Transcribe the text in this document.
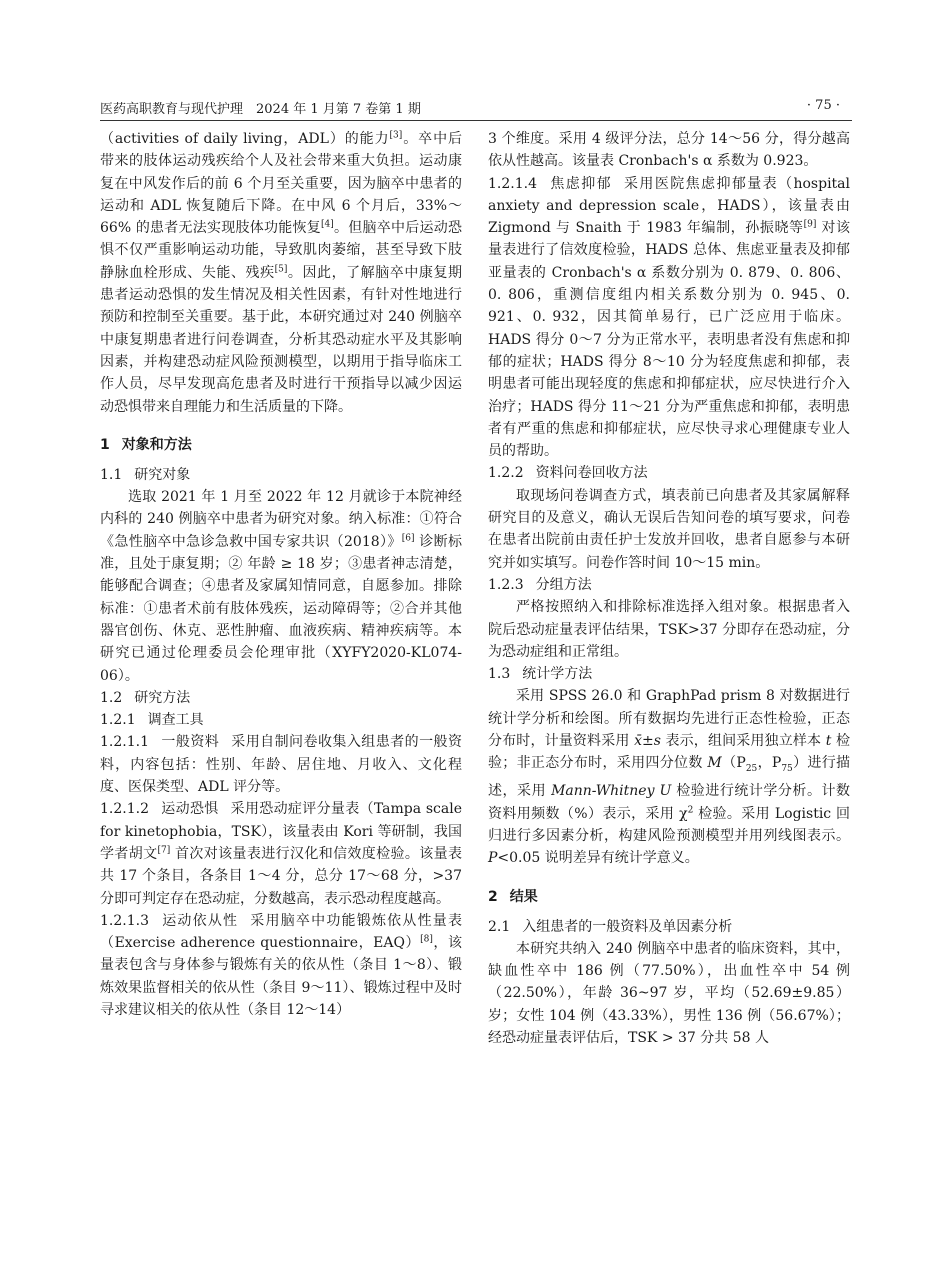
医药高职教育与现代护理　2024 年 1 月第 7 卷第 1 期	· 75 ·

（activities of daily living，ADL）的能力[3]。卒中后带来的肢体运动残疾给个人及社会带来重大负担。运动康复在中风发作后的前 6 个月至关重要，因为脑卒中患者的运动和 ADL 恢复随后下降。在中风 6 个月后，33%～66% 的患者无法实现肢体功能恢复[4]。但脑卒中后运动恐惧不仅严重影响运动功能，导致肌肉萎缩，甚至导致下肢静脉血栓形成、失能、残疾[5]。因此，了解脑卒中康复期患者运动恐惧的发生情况及相关性因素，有针对性地进行预防和控制至关重要。基于此，本研究通过对 240 例脑卒中康复期患者进行问卷调查，分析其恐动症水平及其影响因素，并构建恐动症风险预测模型，以期用于指导临床工作人员，尽早发现高危患者及时进行干预指导以减少因运动恐惧带来自理能力和生活质量的下降。

1 对象和方法
1.1 研究对象

选取 2021 年 1 月至 2022 年 12 月就诊于本院神经内科的 240 例脑卒中患者为研究对象。纳入标准：①符合《急性脑卒中急诊急救中国专家共识（2018）》[6] 诊断标准，且处于康复期；② 年龄 ≥ 18 岁；③患者神志清楚，能够配合调查；④患者及家属知情同意，自愿参加。排除标准：①患者术前有肢体残疾，运动障碍等；②合并其他器官创伤、休克、恶性肿瘤、血液疾病、精神疾病等。本研究已通过伦理委员会伦理审批（XYFY2020-KL074-06）。

1.2 研究方法
1.2.1 调查工具

1.2.1.1 一般资料 采用自制问卷收集入组患者的一般资料，内容包括：性别、年龄、居住地、月收入、文化程度、医保类型、ADL 评分等。

1.2.1.2 运动恐惧 采用恐动症评分量表（Tampa scale for kinetophobia，TSK），该量表由 Kori 等研制，我国学者胡文[7] 首次对该量表进行汉化和信效度检验。该量表共 17 个条目，各条目 1～4 分，总分 17～68 分，>37 分即可判定存在恐动症，分数越高，表示恐动程度越高。

1.2.1.3 运动依从性 采用脑卒中功能锻炼依从性量表（Exercise adherence questionnaire，EAQ）[8]，该量表包含与身体参与锻炼有关的依从性（条目 1～8）、锻炼效果监督相关的依从性（条目 9～11）、锻炼过程中及时寻求建议相关的依从性（条目 12～14）

3 个维度。采用 4 级评分法，总分 14～56 分，得分越高依从性越高。该量表 Cronbach's α 系数为 0.923。

1.2.1.4 焦虑抑郁 采用医院焦虑抑郁量表（hospital anxiety and depression scale，HADS），该量表由 Zigmond 与 Snaith 于 1983 年编制，孙振晓等[9] 对该量表进行了信效度检验，HADS 总体、焦虑亚量表及抑郁亚量表的 Cronbach's α 系数分别为 0. 879、0. 806、0. 806，重测信度组内相关系数分别为 0. 945、0. 921、0. 932，因其简单易行，已广泛应用于临床。HADS 得分 0～7 分为正常水平，表明患者没有焦虑和抑郁的症状；HADS 得分 8～10 分为轻度焦虑和抑郁，表明患者可能出现轻度的焦虑和抑郁症状，应尽快进行介入治疗；HADS 得分 11～21 分为严重焦虑和抑郁，表明患者有严重的焦虑和抑郁症状，应尽快寻求心理健康专业人员的帮助。

1.2.2 资料问卷回收方法

取现场问卷调查方式，填表前已向患者及其家属解释研究目的及意义，确认无误后告知问卷的填写要求，问卷在患者出院前由责任护士发放并回收，患者自愿参与本研究并如实填写。问卷作答时间 10～15 min。

1.2.3 分组方法

严格按照纳入和排除标准选择入组对象。根据患者入院后恐动症量表评估结果，TSK>37 分即存在恐动症，分为恐动症组和正常组。

1.3 统计学方法

采用 SPSS 26.0 和 GraphPad prism 8 对数据进行统计学分析和绘图。所有数据均先进行正态性检验，正态分布时，计量资料采用 x̄±s 表示，组间采用独立样本 t 检验；非正态分布时，采用四分位数 $M(P_{25}$，$P_{75}$）进行描述，采用 Mann-Whitney U 检验进行统计学分析。计数资料用频数（%）表示，采用 $\chi^2$ 检验。采用 Logistic 回归进行多因素分析，构建风险预测模型并用列线图表示。P<0.05 说明差异有统计学意义。

2 结果
2.1 入组患者的一般资料及单因素分析

本研究共纳入 240 例脑卒中患者的临床资料，其中，缺血性卒中 186 例（77.50%），出血性卒中 54 例（22.50%），年龄 36~97 岁，平均（52.69±9.85）岁；女性 104 例（43.33%），男性 136 例（56.67%）；经恐动症量表评估后，TSK > 37 分共 58 人
